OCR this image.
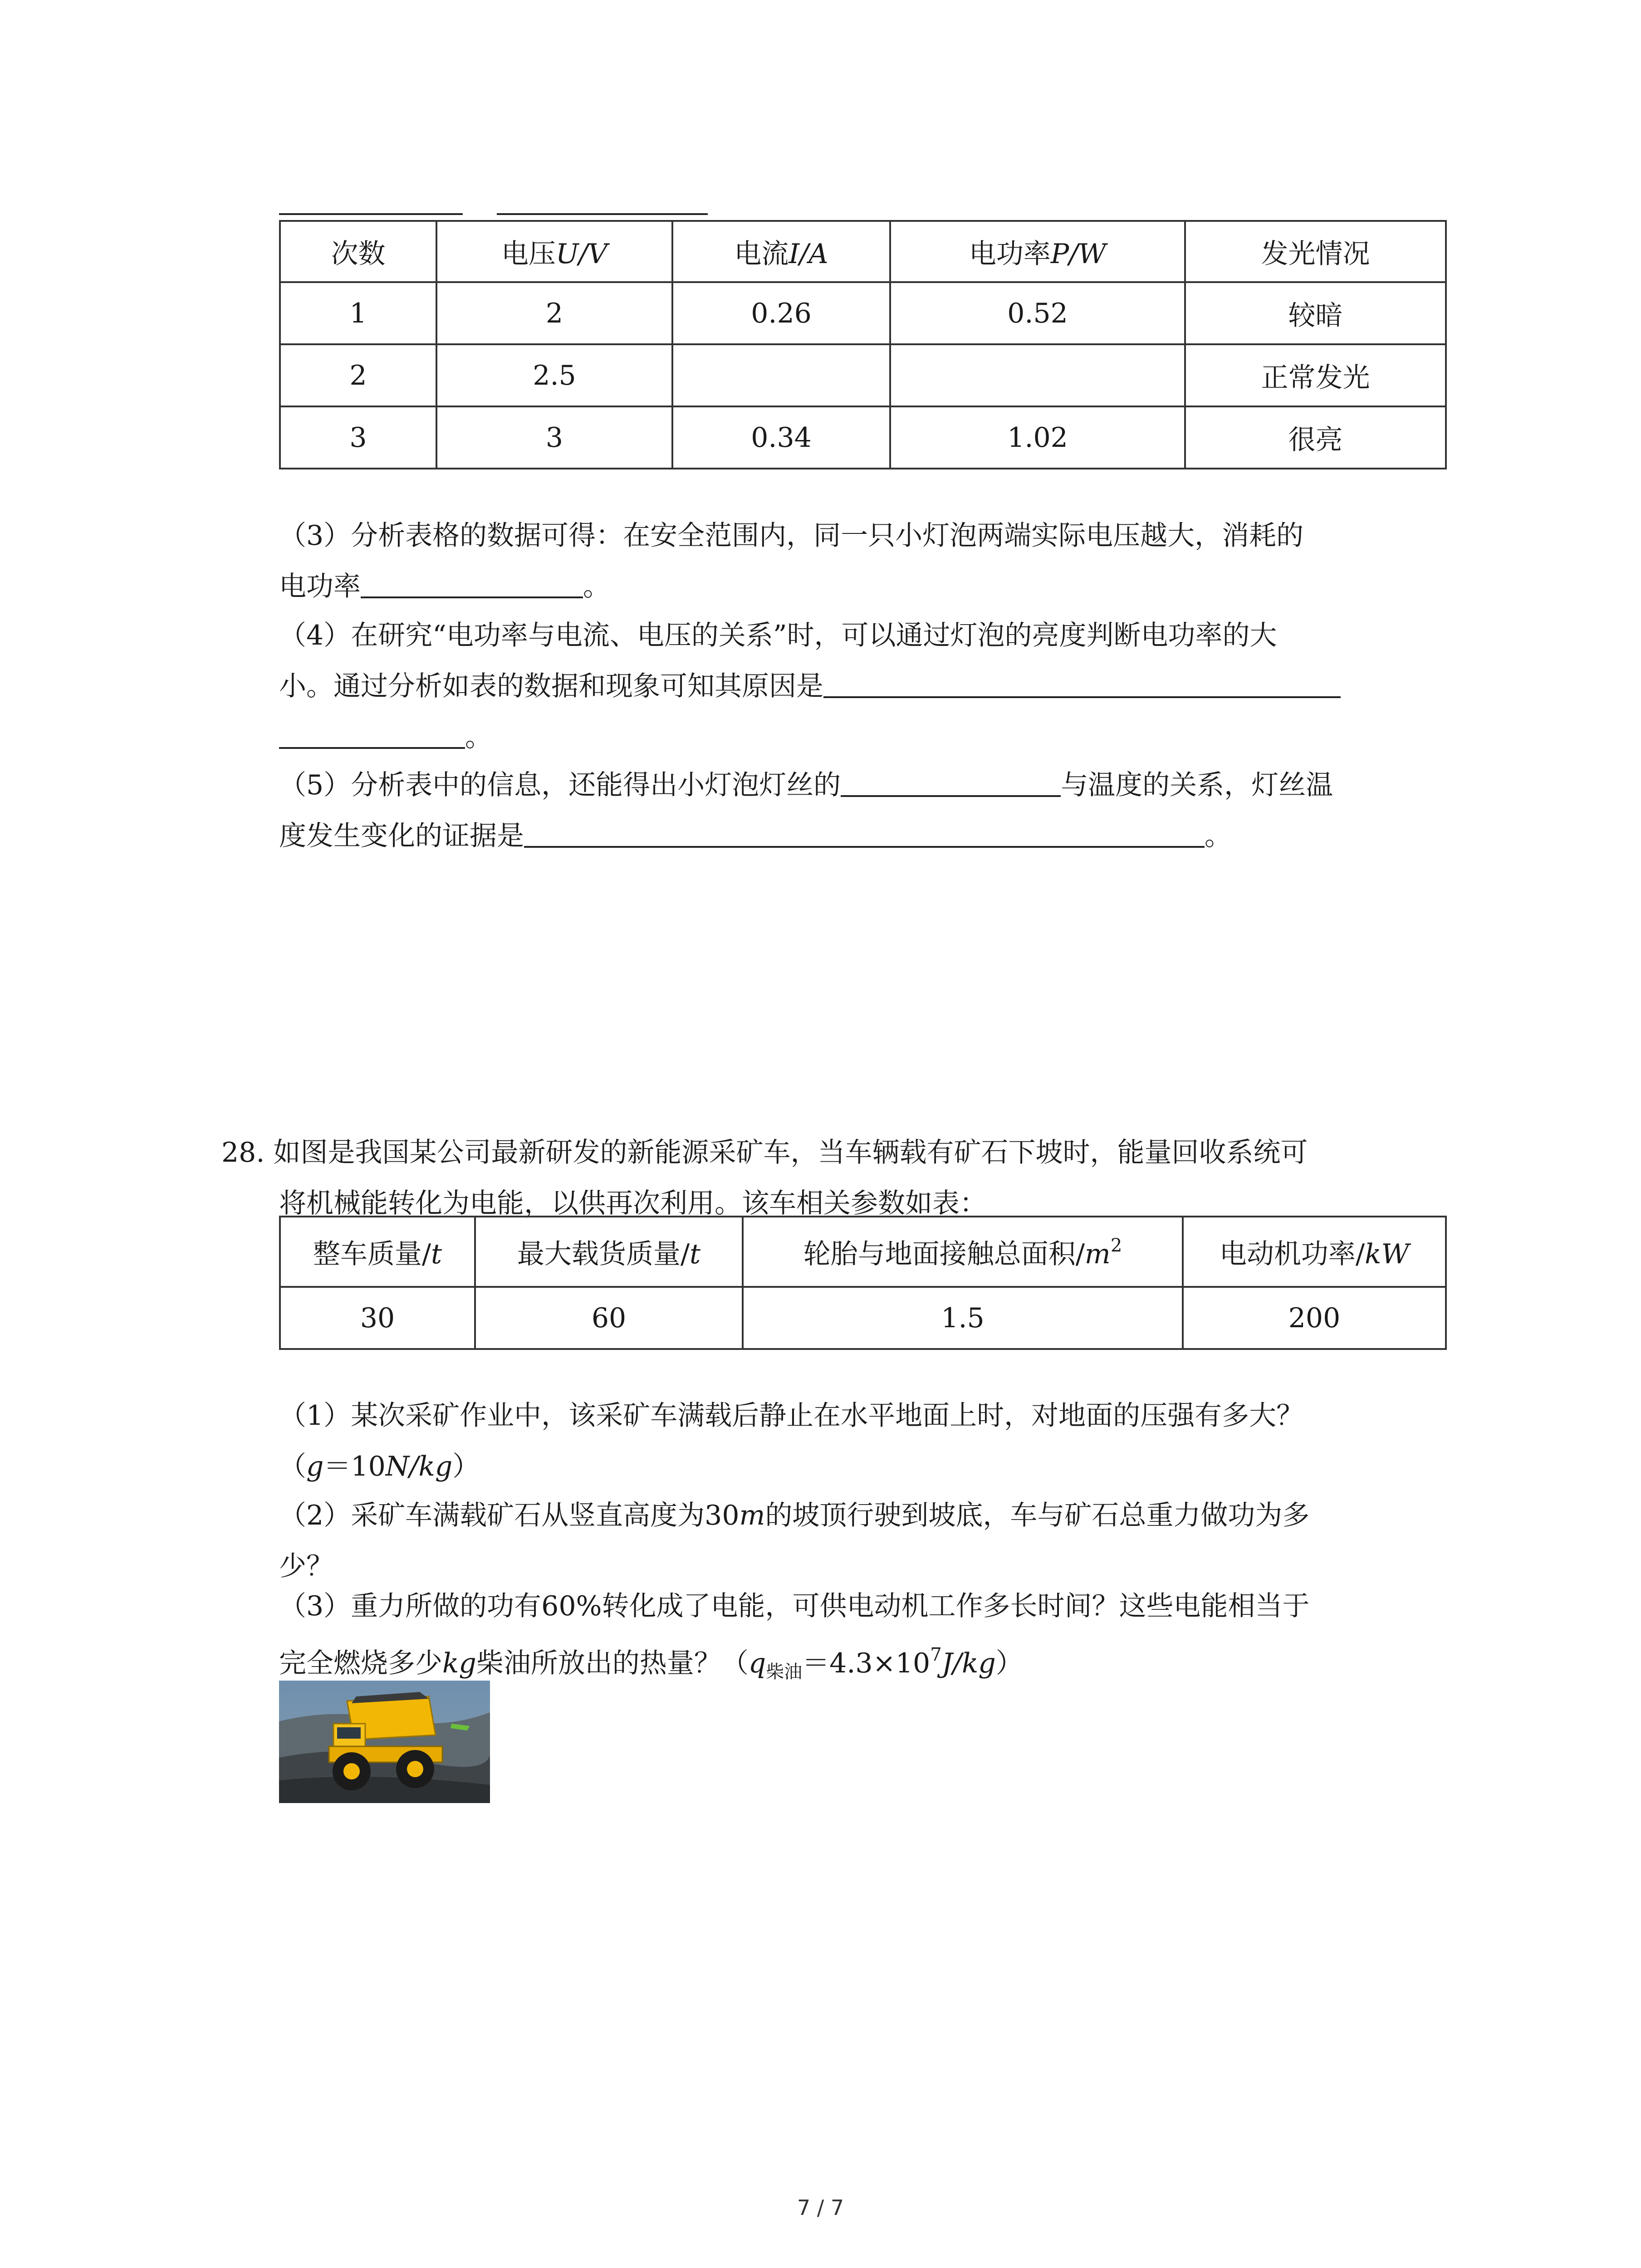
次数	电压U/V	电流I/A	电功率P/W	发光情况
1	2	0.26	0.52	较暗
2	2.5			正常发光
3	3	0.34	1.02	很亮
（3）分析表格的数据可得：在安全范围内，同一只小灯泡两端实际电压越大，消耗的
电功率	。
（4）在研究“电功率与电流、电压的关系”时，可以通过灯泡的亮度判断电功率的大
小。通过分析如表的数据和现象可知其原因是
。
（5）分析表中的信息，还能得出小灯泡灯丝的	与温度的关系，灯丝温
度发生变化的证据是	。
28. 如图是我国某公司最新研发的新能源采矿车，当车辆载有矿石下坡时，能量回收系统可
将机械能转化为电能，以供再次利用。该车相关参数如表：
整车质量/t	最大载货质量/t	轮胎与地面接触总面积$/m^2$	电动机功率/kW
30	60	1.5	200
（1）某次采矿作业中，该采矿车满载后静止在水平地面上时，对地面的压强有多大？
（g＝10N/kg）
（2）采矿车满载矿石从竖直高度为30m的坡顶行驶到坡底，车与矿石总重力做功为多
少？
（3）重力所做的功有60%转化成了电能，可供电动机工作多长时间？这些电能相当于
完全燃烧多少kg柴油所放出的热量？$(q_{柴油}=4.3\times 10^7J/kg)$
7 / 7
